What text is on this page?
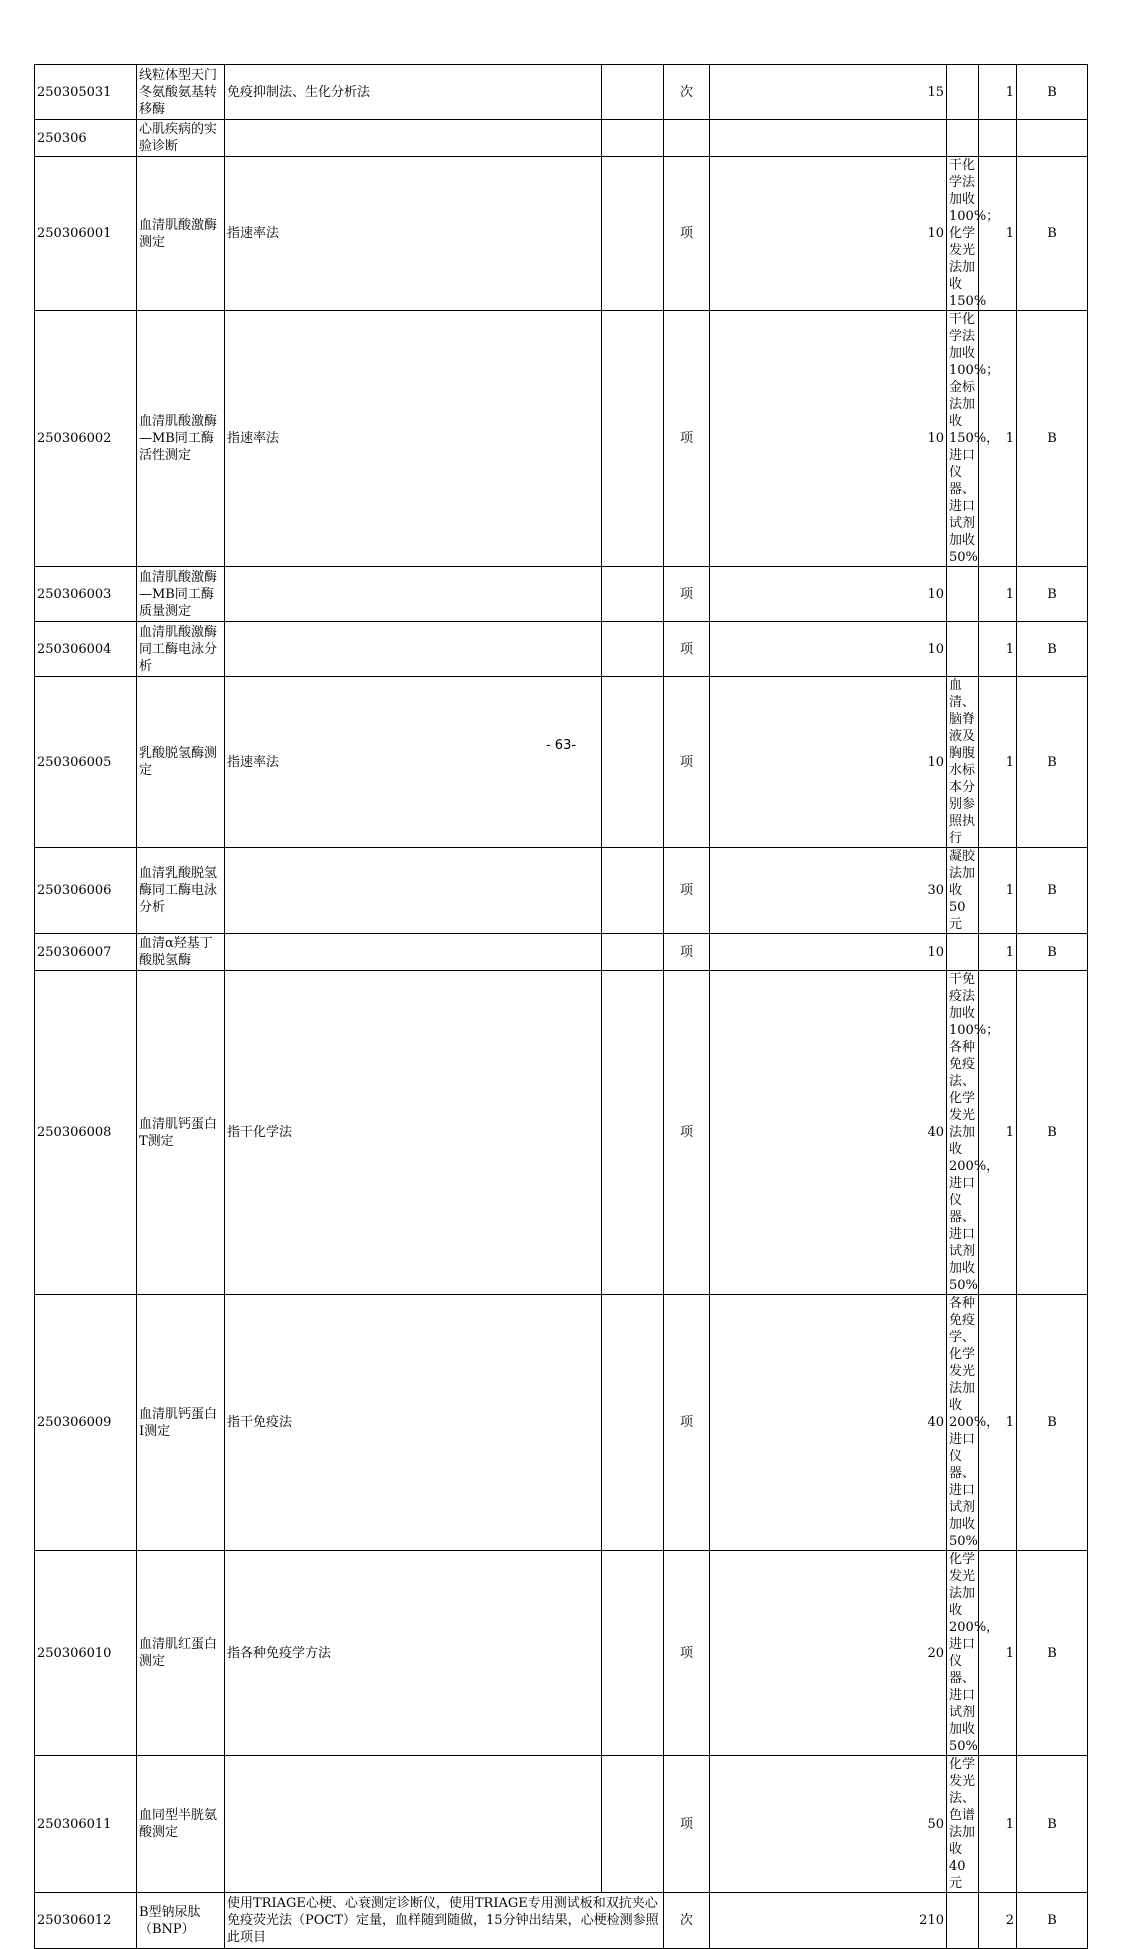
250305031	线粒体型天门冬氨酸氨基转移酶	免疫抑制法、生化分析法		次	15		1	B
250306	心肌疾病的实验诊断							
250306001	血清肌酸激酶测定	指速率法		项	10	干化学法加收100%；化学发光法加收150%	1	B
250306002	血清肌酸激酶—MB同工酶活性测定	指速率法		项	10	干化学法加收100%；金标法加收150%，进口仪器、进口试剂加收50%	1	B
250306003	血清肌酸激酶—MB同工酶质量测定			项	10		1	B
250306004	血清肌酸激酶同工酶电泳分析			项	10		1	B
250306005	乳酸脱氢酶测定	指速率法		项	10	血清、脑脊液及胸腹水标本分别参照执行	1	B
250306006	血清乳酸脱氢酶同工酶电泳分析			项	30	凝胶法加收50元	1	B
250306007	血清α羟基丁酸脱氢酶			项	10		1	B
250306008	血清肌钙蛋白T测定	指干化学法		项	40	干免疫法加收100%；各种免疫法、化学发光法加收200%，进口仪器、进口试剂加收50%	1	B
250306009	血清肌钙蛋白Ⅰ测定	指干免疫法		项	40	各种免疫学、化学发光法加收200%，进口仪器、进口试剂加收50%	1	B
250306010	血清肌红蛋白测定	指各种免疫学方法		项	20	化学发光法加收200%，进口仪器、进口试剂加收50%	1	B
250306011	血同型半胱氨酸测定			项	50	化学发光法、色谱法加收40元	1	B
250306012	B型钠尿肽（BNP）	使用TRIAGE心梗、心衰测定诊断仪，使用TRIAGE专用测试板和双抗夹心免疫荧光法（POCT）定量，血样随到随做，15分钟出结果，心梗检测参照此项目		次	210		2	B
- 63-
